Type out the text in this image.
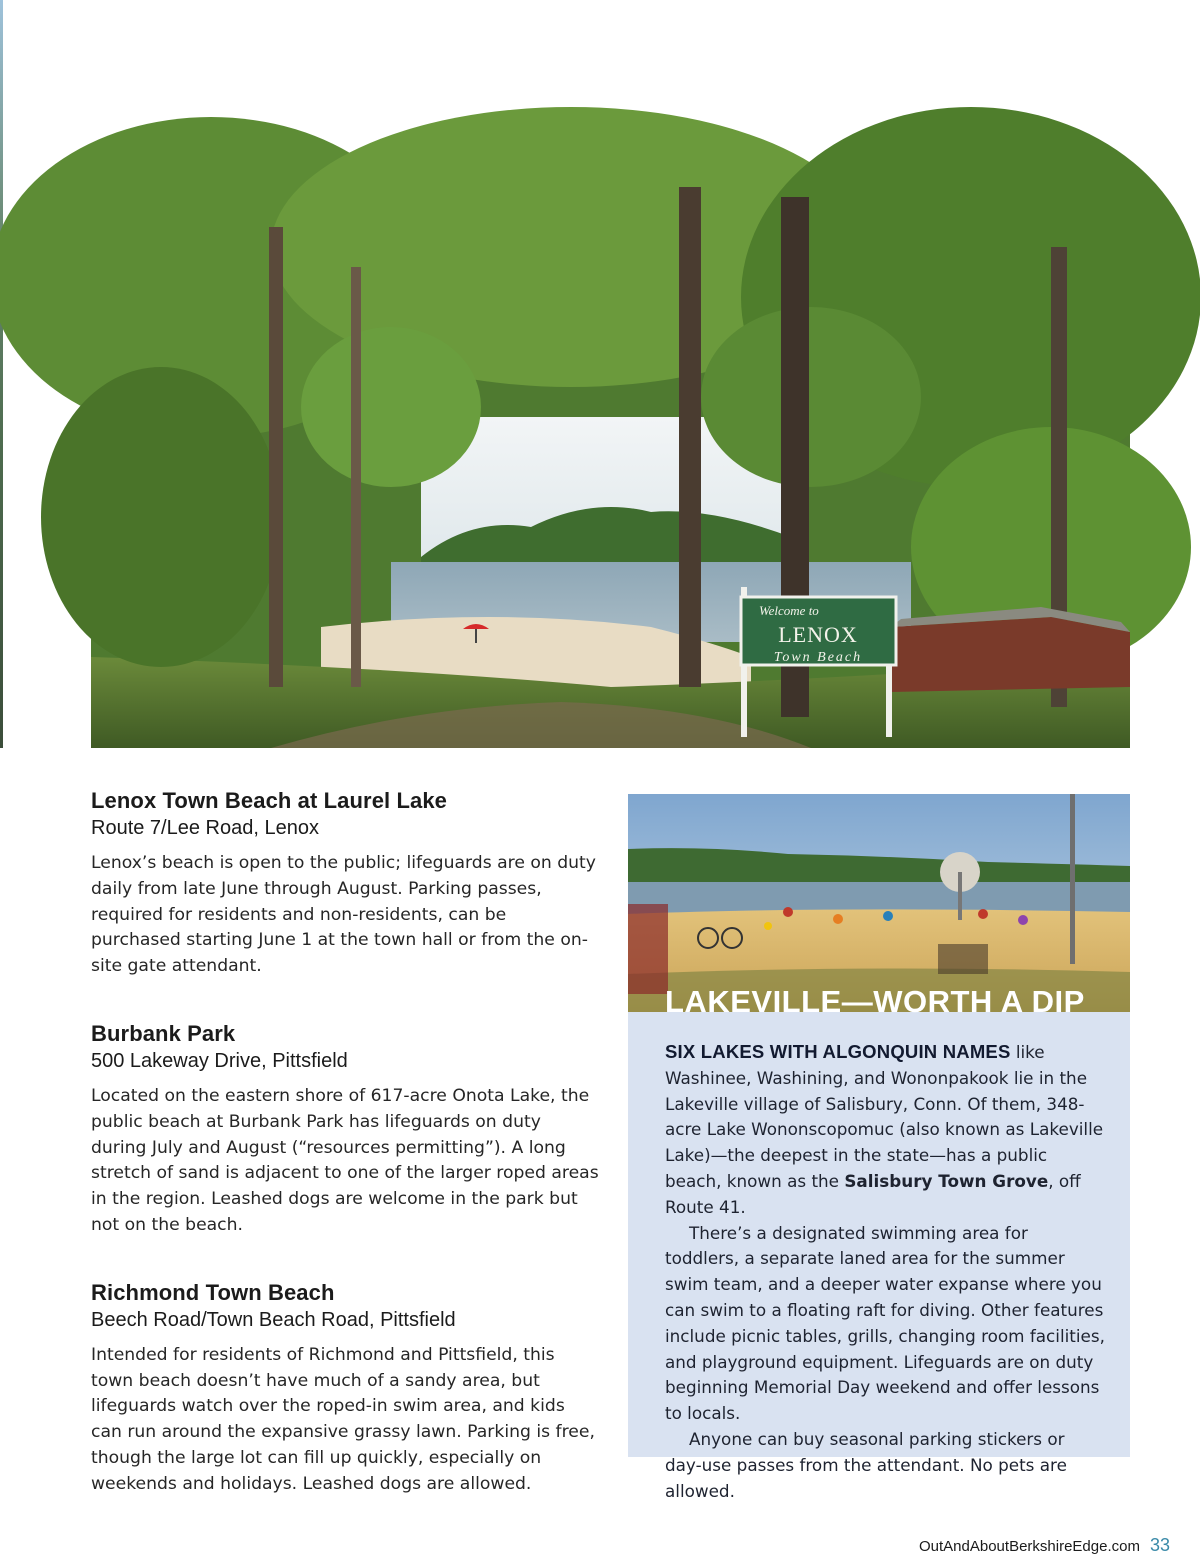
Welcome to
LENOX
Town Beach
Lenox Town Beach at Laurel Lake
Route 7/Lee Road, Lenox

Lenox’s beach is open to the public; lifeguards are on duty daily from late June through August. Parking passes, required for residents and non-residents, can be purchased starting June 1 at the town hall or from the on-site gate attendant.

Burbank Park
500 Lakeway Drive, Pittsfield

Located on the eastern shore of 617-acre Onota Lake, the public beach at Burbank Park has lifeguards on duty during July and August (“resources permitting”). A long stretch of sand is adjacent to one of the larger roped areas in the region. Leashed dogs are welcome in the park but not on the beach.

Richmond Town Beach
Beech Road/Town Beach Road, Pittsfield

Intended for residents of Richmond and Pittsfield, this town beach doesn’t have much of a sandy area, but lifeguards watch over the roped-in swim area, and kids can run around the expansive grassy lawn. Parking is free, though the large lot can fill up quickly, especially on weekends and holidays. Leashed dogs are allowed.

LAKEVILLE—WORTH A DIP

SIX LAKES WITH ALGONQUIN NAMES like Washinee, Washining, and Wononpakook lie in the Lakeville village of Salisbury, Conn. Of them, 348-acre Lake Wononscopomuc (also known as Lakeville Lake)—the deepest in the state—has a public beach, known as the Salisbury Town Grove, off Route 41.

There’s a designated swimming area for toddlers, a separate laned area for the summer swim team, and a deeper water expanse where you can swim to a floating raft for diving. Other features include picnic tables, grills, changing room facilities, and playground equipment. Lifeguards are on duty beginning Memorial Day weekend and offer lessons to locals.

Anyone can buy seasonal parking stickers or day-use passes from the attendant. No pets are allowed.

OutAndAboutBerkshireEdge.com 33
